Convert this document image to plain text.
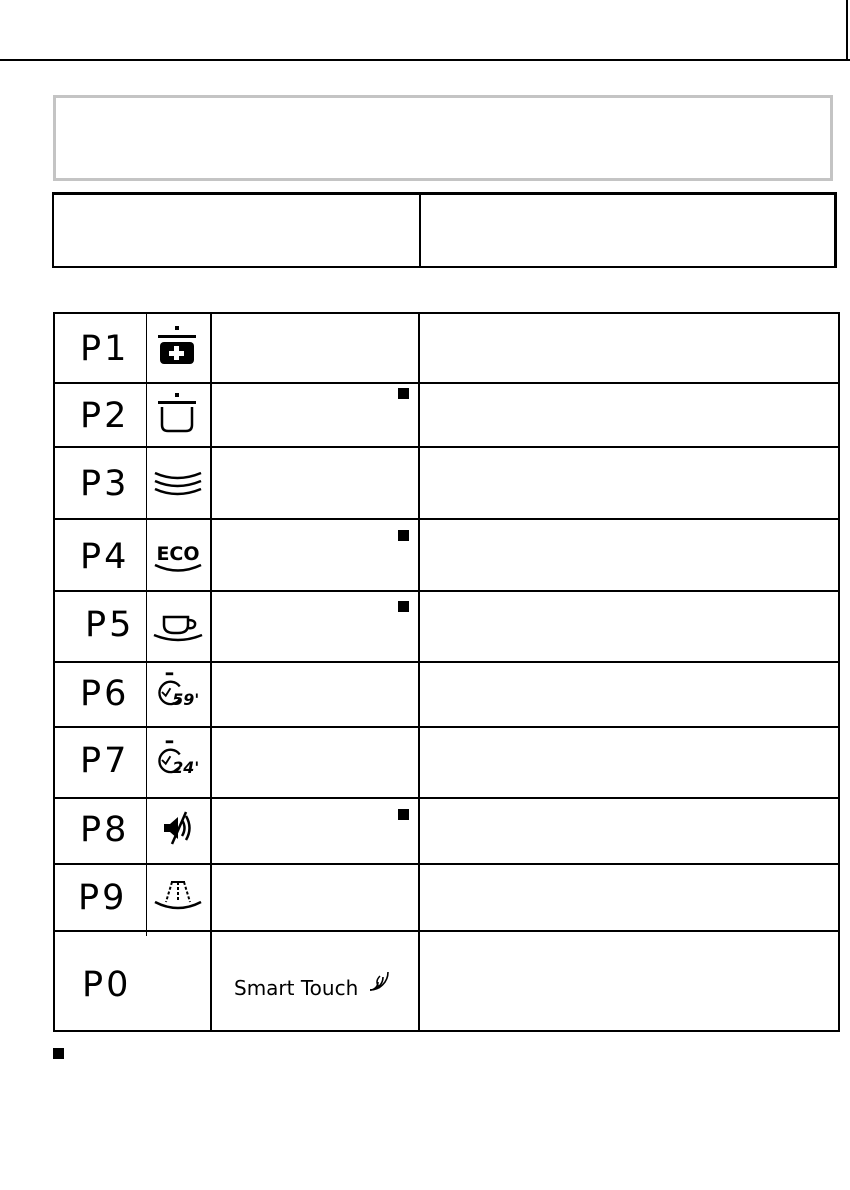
P1
P2
P3
P4
P5
P6
P7
P8
P9
P0
ECO
59'
24'
Smart Touch
